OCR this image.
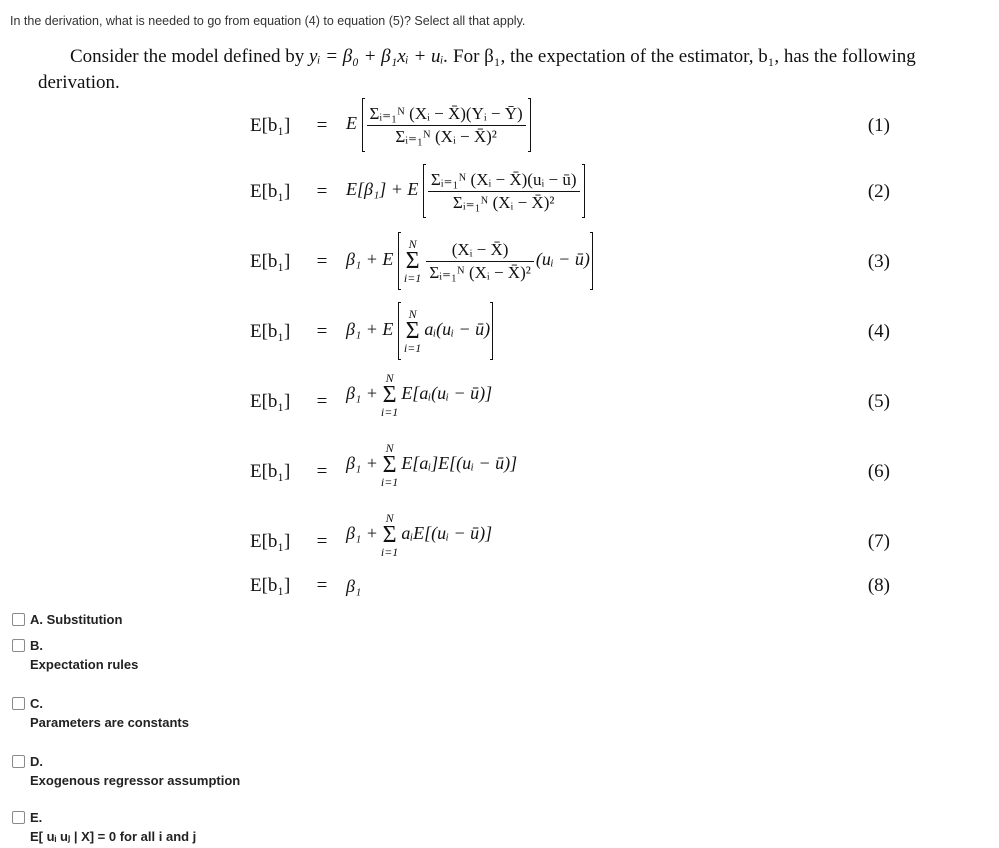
In the derivation, what is needed to go from equation (4) to equation (5)? Select all that apply.
Consider the model defined by yᵢ = β₀ + β₁xᵢ + uᵢ. For β₁, the expectation of the estimator, b₁, has the following derivation.
E[b₁]	= E $\frac{\text{Σᵢ₌₁ᴺ (Xᵢ − X̄)(Yᵢ − Ȳ)}}{\text{Σᵢ₌₁ᴺ (Xᵢ − X̄)²}}$	(1)
E[b₁]	= E[β₁] + E $\frac{\text{Σᵢ₌₁ᴺ (Xᵢ − X̄)(uᵢ − ū)}}{\text{Σᵢ₌₁ᴺ (Xᵢ − X̄)²}}$	(2)
E[b₁]	= β₁ + E
N
Σ
$i=1 \frac{\text{(Xᵢ − X̄)}}{\text{Σᵢ₌₁ᴺ (Xᵢ − X̄)²}}$ (uᵢ − ū)	(3)
E[b₁]	= β₁ + E
N
Σ
i=1
aᵢ(uᵢ − ū)	(4)
E[b₁]	= β₁ +
N
Σ
i=1
E[aᵢ(uᵢ − ū)]	(5)
E[b₁]	= β₁ +
N
Σ
i=1
E[aᵢ]E[(uᵢ − ū)]	(6)
E[b₁]	= β₁ +
N
Σ
i=1
aᵢE[(uᵢ − ū)]	(7)
E[b₁]	= β₁	(8)
A. Substitution
B.
Expectation rules
C.
Parameters are constants
D.
Exogenous regressor assumption
E.
E[ uᵢ uⱼ | X] = 0 for all i and j
